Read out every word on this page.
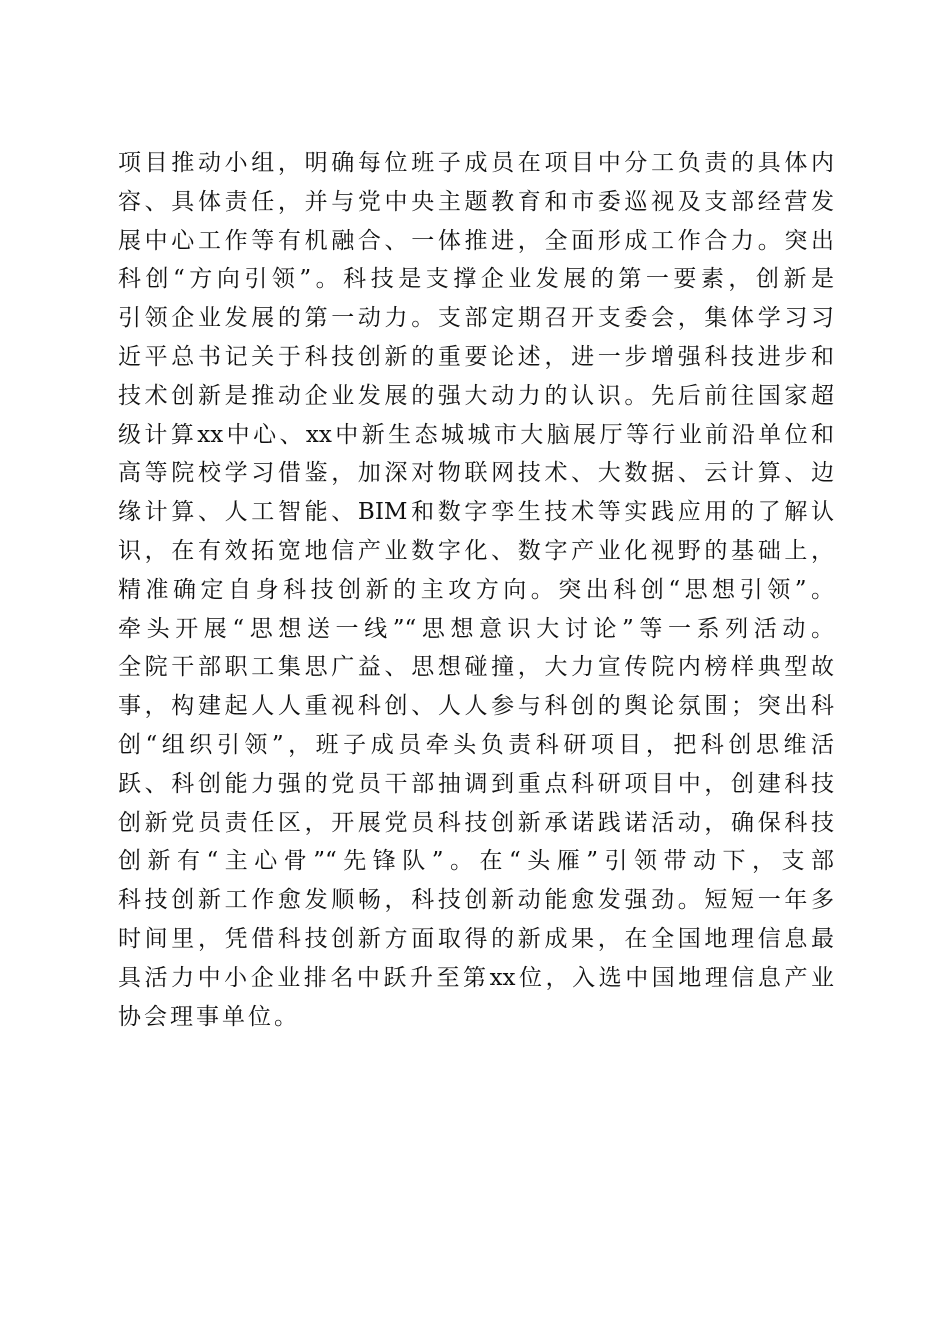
项目推动小组，明确每位班子成员在项目中分工负责的具体内
容、具体责任，并与党中央主题教育和市委巡视及支部经营发
展中心工作等有机融合、一体推进，全面形成工作合力。突出
科创“方向引领”。科技是支撑企业发展的第一要素，创新是
引领企业发展的第一动力。支部定期召开支委会，集体学习习
近平总书记关于科技创新的重要论述，进一步增强科技进步和
技术创新是推动企业发展的强大动力的认识。先后前往国家超
级计算xx中心、xx中新生态城城市大脑展厅等行业前沿单位和
高等院校学习借鉴，加深对物联网技术、大数据、云计算、边
缘计算、人工智能、BIM和数字孪生技术等实践应用的了解认
识，在有效拓宽地信产业数字化、数字产业化视野的基础上，
精准确定自身科技创新的主攻方向。突出科创“思想引领”。
牵头开展“思想送一线”“思想意识大讨论”等一系列活动。
全院干部职工集思广益、思想碰撞，大力宣传院内榜样典型故
事，构建起人人重视科创、人人参与科创的舆论氛围；突出科
创“组织引领”，班子成员牵头负责科研项目，把科创思维活
跃、科创能力强的党员干部抽调到重点科研项目中，创建科技
创新党员责任区，开展党员科技创新承诺践诺活动，确保科技
创新有“主心骨”“先锋队”。在“头雁”引领带动下，支部
科技创新工作愈发顺畅，科技创新动能愈发强劲。短短一年多
时间里，凭借科技创新方面取得的新成果，在全国地理信息最
具活力中小企业排名中跃升至第xx位，入选中国地理信息产业
协会理事单位。
